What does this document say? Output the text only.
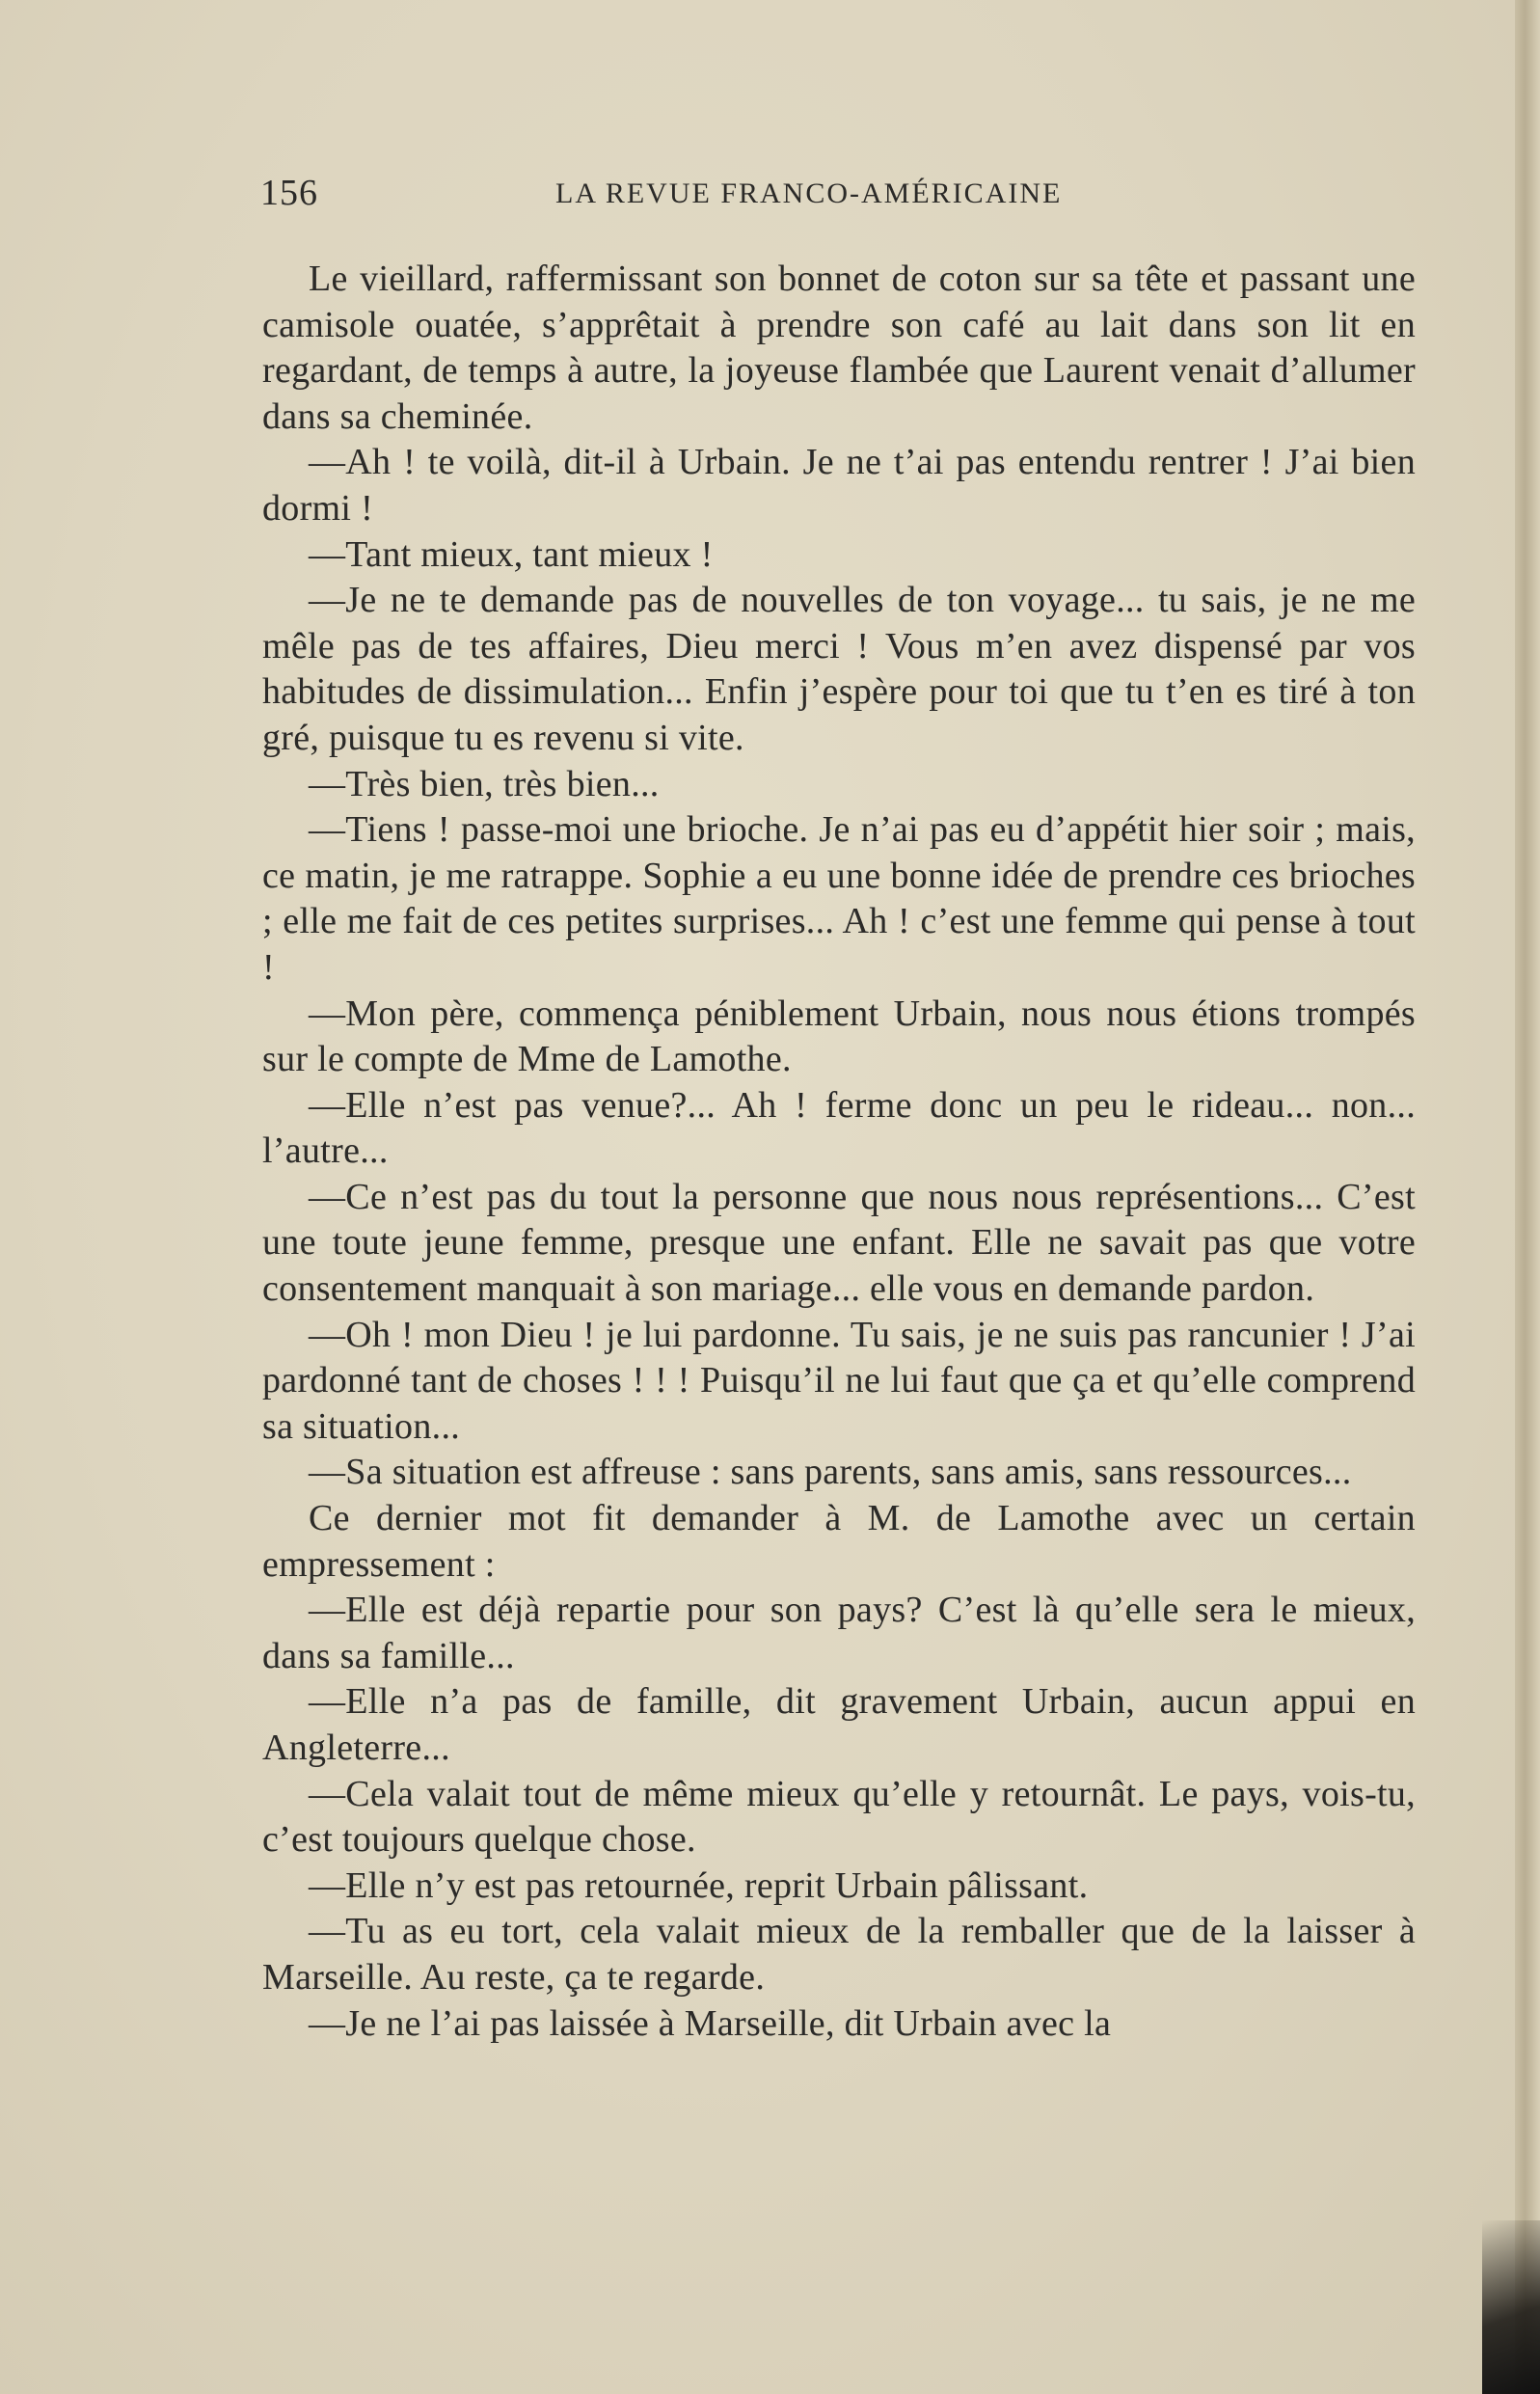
156	LA REVUE FRANCO-AMÉRICAINE

Le vieillard, raffermissant son bonnet de coton sur sa tête et passant une camisole ouatée, s’apprêtait à prendre son café au lait dans son lit en regardant, de temps à autre, la joyeuse flambée que Laurent venait d’allumer dans sa cheminée.

—Ah ! te voilà, dit-il à Urbain. Je ne t’ai pas entendu rentrer ! J’ai bien dormi !

—Tant mieux, tant mieux !

—Je ne te demande pas de nouvelles de ton voyage... tu sais, je ne me mêle pas de tes affaires, Dieu merci ! Vous m’en avez dispensé par vos habitudes de dissimulation... Enfin j’espère pour toi que tu t’en es tiré à ton gré, puisque tu es revenu si vite.

—Très bien, très bien...

—Tiens ! passe-moi une brioche. Je n’ai pas eu d’appétit hier soir ; mais, ce matin, je me ratrappe. Sophie a eu une bonne idée de prendre ces brioches ; elle me fait de ces petites surprises... Ah ! c’est une femme qui pense à tout !

—Mon père, commença péniblement Urbain, nous nous étions trompés sur le compte de Mme de Lamothe.

—Elle n’est pas venue?... Ah ! ferme donc un peu le rideau... non... l’autre...

—Ce n’est pas du tout la personne que nous nous représentions... C’est une toute jeune femme, presque une enfant. Elle ne savait pas que votre consentement manquait à son mariage... elle vous en demande pardon.

—Oh ! mon Dieu ! je lui pardonne. Tu sais, je ne suis pas rancunier ! J’ai pardonné tant de choses ! ! ! Puisqu’il ne lui faut que ça et qu’elle comprend sa situation...

—Sa situation est affreuse : sans parents, sans amis, sans ressources...

Ce dernier mot fit demander à M. de Lamothe avec un certain empressement :

—Elle est déjà repartie pour son pays? C’est là qu’elle sera le mieux, dans sa famille...

—Elle n’a pas de famille, dit gravement Urbain, aucun appui en Angleterre...

—Cela valait tout de même mieux qu’elle y retournât. Le pays, vois-tu, c’est toujours quelque chose.

—Elle n’y est pas retournée, reprit Urbain pâlissant.

—Tu as eu tort, cela valait mieux de la remballer que de la laisser à Marseille. Au reste, ça te regarde.

—Je ne l’ai pas laissée à Marseille, dit Urbain avec la
